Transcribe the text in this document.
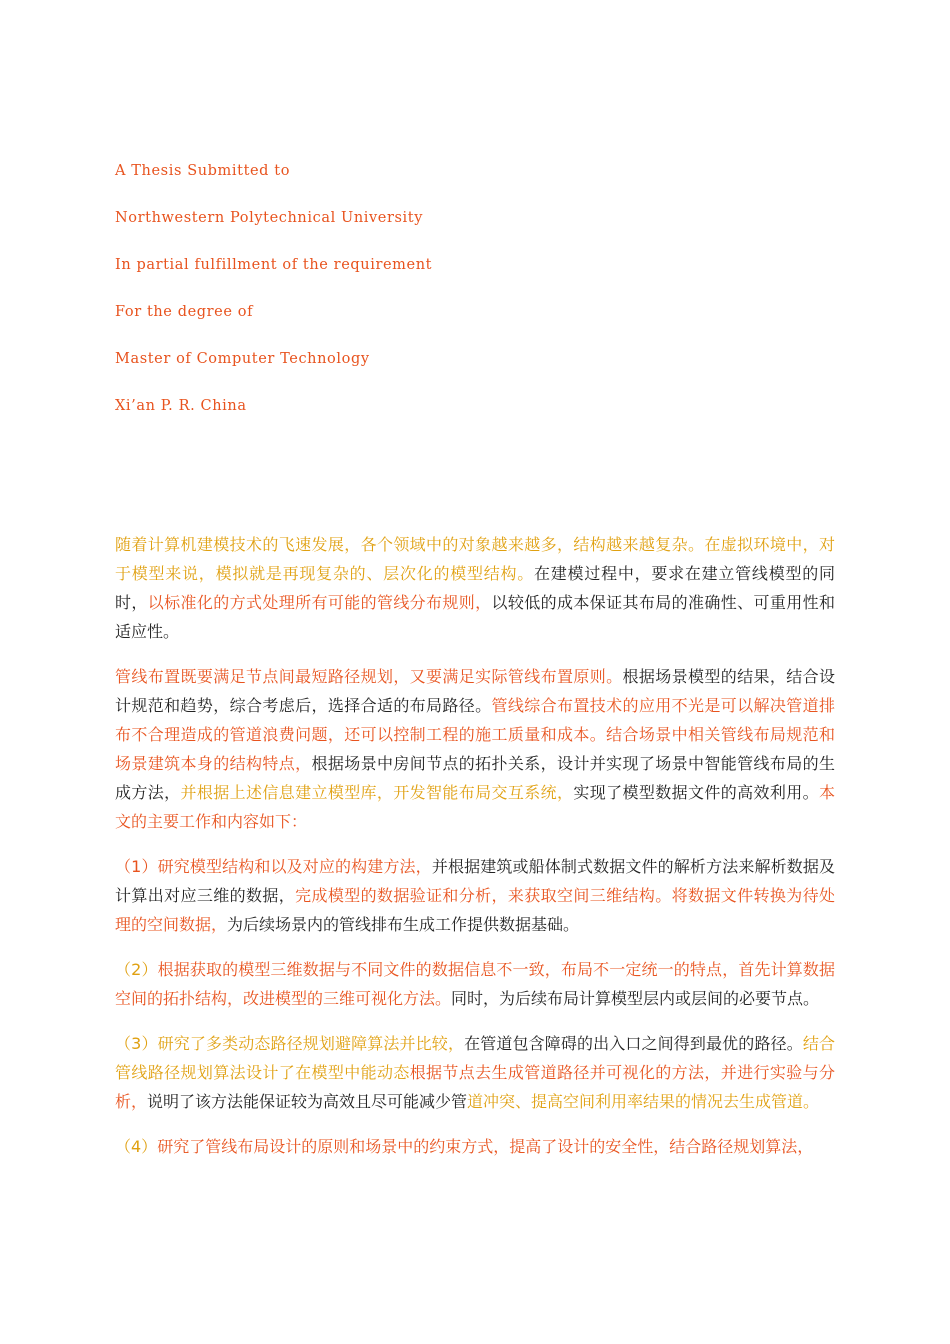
A Thesis Submitted to

Northwestern Polytechnical University

In partial fulfillment of the requirement

For the degree of

Master of Computer Technology

Xi’an P. R. China

随着计算机建模技术的飞速发展，各个领域中的对象越来越多，结构越来越复杂。在虚拟环境中，对于模型来说，模拟就是再现复杂的、层次化的模型结构。在建模过程中，要求在建立管线模型的同时，以标准化的方式处理所有可能的管线分布规则，以较低的成本保证其布局的准确性、可重用性和适应性。

管线布置既要满足节点间最短路径规划，又要满足实际管线布置原则。根据场景模型的结果，结合设计规范和趋势，综合考虑后，选择合适的布局路径。管线综合布置技术的应用不光是可以解决管道排布不合理造成的管道浪费问题，还可以控制工程的施工质量和成本。结合场景中相关管线布局规范和场景建筑本身的结构特点，根据场景中房间节点的拓扑关系，设计并实现了场景中智能管线布局的生成方法，并根据上述信息建立模型库，开发智能布局交互系统，实现了模型数据文件的高效利用。本文的主要工作和内容如下：

（1）研究模型结构和以及对应的构建方法，并根据建筑或船体制式数据文件的解析方法来解析数据及计算出对应三维的数据，完成模型的数据验证和分析，来获取空间三维结构。将数据文件转换为待处理的空间数据，为后续场景内的管线排布生成工作提供数据基础。

（2）根据获取的模型三维数据与不同文件的数据信息不一致，布局不一定统一的特点，首先计算数据空间的拓扑结构，改进模型的三维可视化方法。同时，为后续布局计算模型层内或层间的必要节点。

（3）研究了多类动态路径规划避障算法并比较，在管道包含障碍的出入口之间得到最优的路径。结合管线路径规划算法设计了在模型中能动态根据节点去生成管道路径并可视化的方法，并进行实验与分析，说明了该方法能保证较为高效且尽可能减少管道冲突、提高空间利用率结果的情况去生成管道。

（4）研究了管线布局设计的原则和场景中的约束方式，提高了设计的安全性，结合路径规划算法，
